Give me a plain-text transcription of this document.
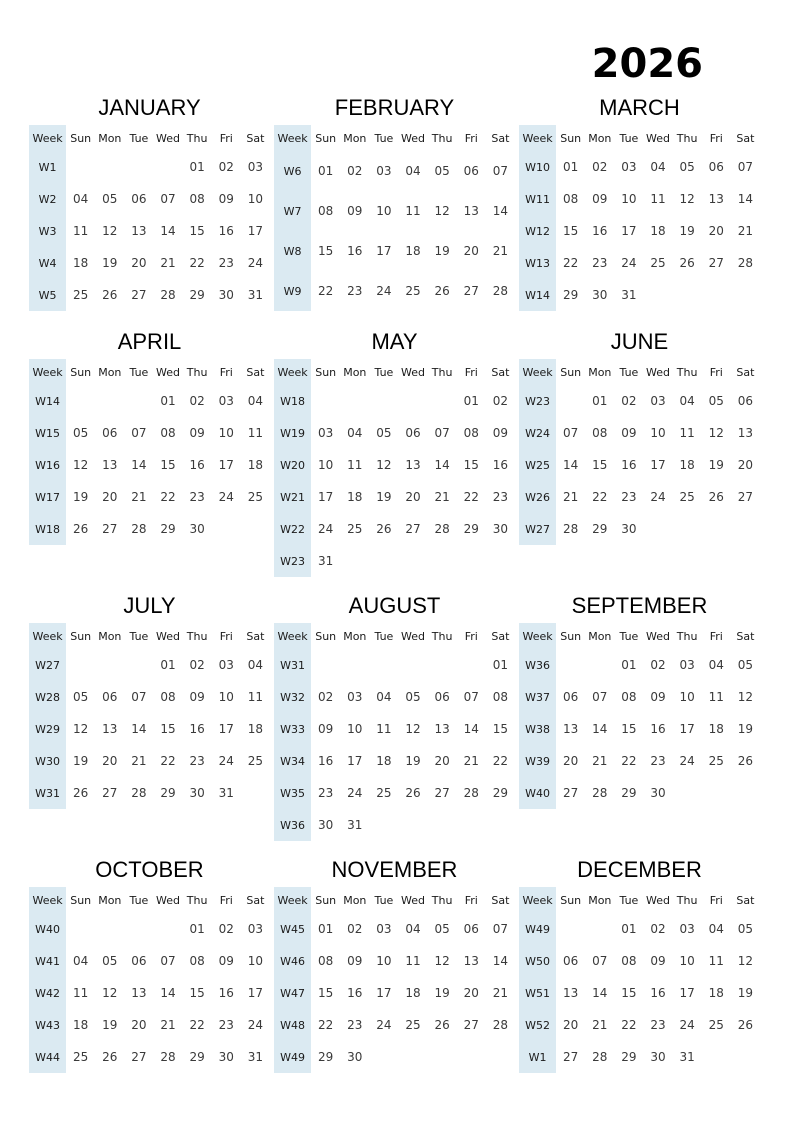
2026
JANUARY
Week	Sun	Mon	Tue	Wed	Thu	Fri	Sat
W1					01	02	03
W2	04	05	06	07	08	09	10
W3	11	12	13	14	15	16	17
W4	18	19	20	21	22	23	24
W5	25	26	27	28	29	30	31
FEBRUARY
Week	Sun	Mon	Tue	Wed	Thu	Fri	Sat
W6	01	02	03	04	05	06	07
W7	08	09	10	11	12	13	14
W8	15	16	17	18	19	20	21
W9	22	23	24	25	26	27	28
MARCH
Week	Sun	Mon	Tue	Wed	Thu	Fri	Sat
W10	01	02	03	04	05	06	07
W11	08	09	10	11	12	13	14
W12	15	16	17	18	19	20	21
W13	22	23	24	25	26	27	28
W14	29	30	31				
APRIL
Week	Sun	Mon	Tue	Wed	Thu	Fri	Sat
W14				01	02	03	04
W15	05	06	07	08	09	10	11
W16	12	13	14	15	16	17	18
W17	19	20	21	22	23	24	25
W18	26	27	28	29	30		
MAY
Week	Sun	Mon	Tue	Wed	Thu	Fri	Sat
W18						01	02
W19	03	04	05	06	07	08	09
W20	10	11	12	13	14	15	16
W21	17	18	19	20	21	22	23
W22	24	25	26	27	28	29	30
W23	31						
JUNE
Week	Sun	Mon	Tue	Wed	Thu	Fri	Sat
W23		01	02	03	04	05	06
W24	07	08	09	10	11	12	13
W25	14	15	16	17	18	19	20
W26	21	22	23	24	25	26	27
W27	28	29	30				
JULY
Week	Sun	Mon	Tue	Wed	Thu	Fri	Sat
W27				01	02	03	04
W28	05	06	07	08	09	10	11
W29	12	13	14	15	16	17	18
W30	19	20	21	22	23	24	25
W31	26	27	28	29	30	31	
AUGUST
Week	Sun	Mon	Tue	Wed	Thu	Fri	Sat
W31							01
W32	02	03	04	05	06	07	08
W33	09	10	11	12	13	14	15
W34	16	17	18	19	20	21	22
W35	23	24	25	26	27	28	29
W36	30	31					
SEPTEMBER
Week	Sun	Mon	Tue	Wed	Thu	Fri	Sat
W36			01	02	03	04	05
W37	06	07	08	09	10	11	12
W38	13	14	15	16	17	18	19
W39	20	21	22	23	24	25	26
W40	27	28	29	30			
OCTOBER
Week	Sun	Mon	Tue	Wed	Thu	Fri	Sat
W40					01	02	03
W41	04	05	06	07	08	09	10
W42	11	12	13	14	15	16	17
W43	18	19	20	21	22	23	24
W44	25	26	27	28	29	30	31
NOVEMBER
Week	Sun	Mon	Tue	Wed	Thu	Fri	Sat
W45	01	02	03	04	05	06	07
W46	08	09	10	11	12	13	14
W47	15	16	17	18	19	20	21
W48	22	23	24	25	26	27	28
W49	29	30					
DECEMBER
Week	Sun	Mon	Tue	Wed	Thu	Fri	Sat
W49			01	02	03	04	05
W50	06	07	08	09	10	11	12
W51	13	14	15	16	17	18	19
W52	20	21	22	23	24	25	26
W1	27	28	29	30	31		
